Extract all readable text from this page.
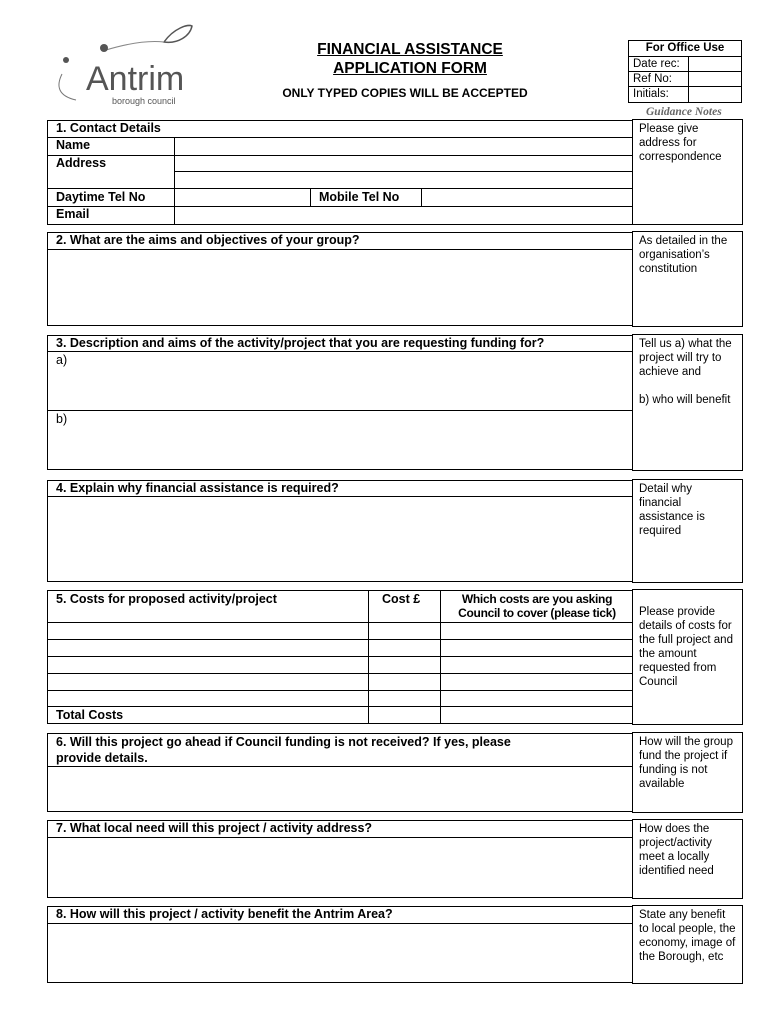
Antrim
borough council
FINANCIAL ASSISTANCE
APPLICATION FORM
ONLY TYPED COPIES WILL BE ACCEPTED
For Office Use
Date rec:
Ref No:
Initials:
Guidance Notes
1. Contact Details
Name
Address
Daytime Tel No	Mobile Tel No
Email
Please give address for correspondence
2. What are the aims and objectives of your group?	As detailed in the organisation’s constitution
3. Description and aims of the activity/project that you are requesting funding for?
a)
b)
Tell us a) what the project will try to achieve and
b) who will benefit
4. Explain why financial assistance is required?	Detail why financial assistance is required
5. Costs for proposed activity/project	Cost £	Which costs are you asking
Council to cover (please tick)
Total Costs
Please provide details of costs for the full project and the amount requested from Council
6. Will this project go ahead if Council funding is not received? If yes, please
provide details.
How will the group fund the project if funding is not available
7. What local need will this project / activity address?	How does the project/activity meet a locally identified need
8. How will this project / activity benefit the Antrim Area?	State any benefit to local people, the economy, image of the Borough, etc
